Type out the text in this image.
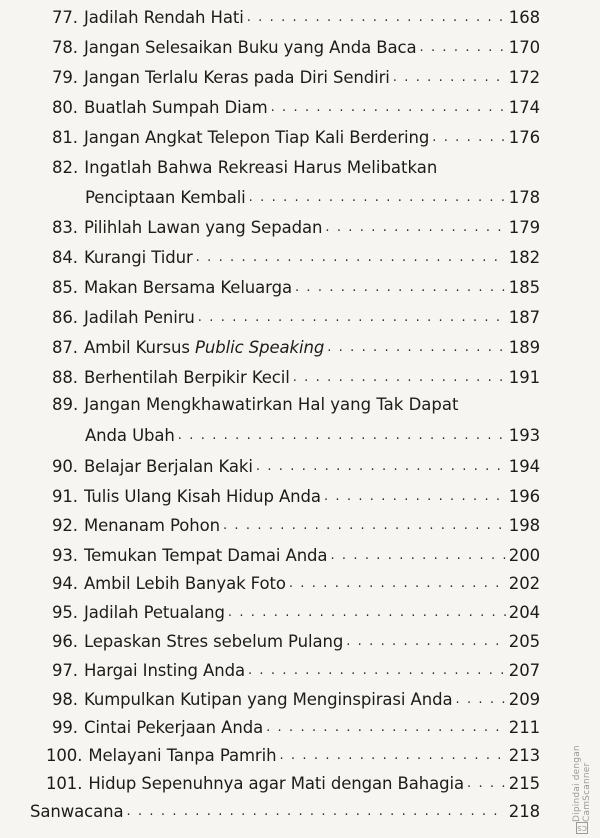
77. Jadilah Rendah Hati . . .	168
78. Jangan Selesaikan Buku yang Anda Baca . . .	170
79. Jangan Terlalu Keras pada Diri Sendiri . . .	172
80. Buatlah Sumpah Diam . . .	174
81. Jangan Angkat Telepon Tiap Kali Berdering . . .	176
82. Ingatlah Bahwa Rekreasi Harus Melibatkan
Penciptaan Kembali . . .	178
83. Pilihlah Lawan yang Sepadan . . .	179
84. Kurangi Tidur . . .	182
85. Makan Bersama Keluarga . . .	185
86. Jadilah Peniru . . .	187
87. Ambil Kursus Public Speaking . . .	189
88. Berhentilah Berpikir Kecil . . .	191
89. Jangan Mengkhawatirkan Hal yang Tak Dapat
Anda Ubah . . .	193
90. Belajar Berjalan Kaki . . .	194
91. Tulis Ulang Kisah Hidup Anda . . .	196
92. Menanam Pohon . . .	198
93. Temukan Tempat Damai Anda . . .	200
94. Ambil Lebih Banyak Foto . . .	202
95. Jadilah Petualang . . .	204
96. Lepaskan Stres sebelum Pulang . . .	205
97. Hargai Insting Anda . . .	207
98. Kumpulkan Kutipan yang Menginspirasi Anda . . .	209
99. Cintai Pekerjaan Anda . . .	211
100. Melayani Tanpa Pamrih . . .	213
101. Hidup Sepenuhnya agar Mati dengan Bahagia . . .	215
Sanwacana . . .	218
CS
Dipindai dengan CamScanner
